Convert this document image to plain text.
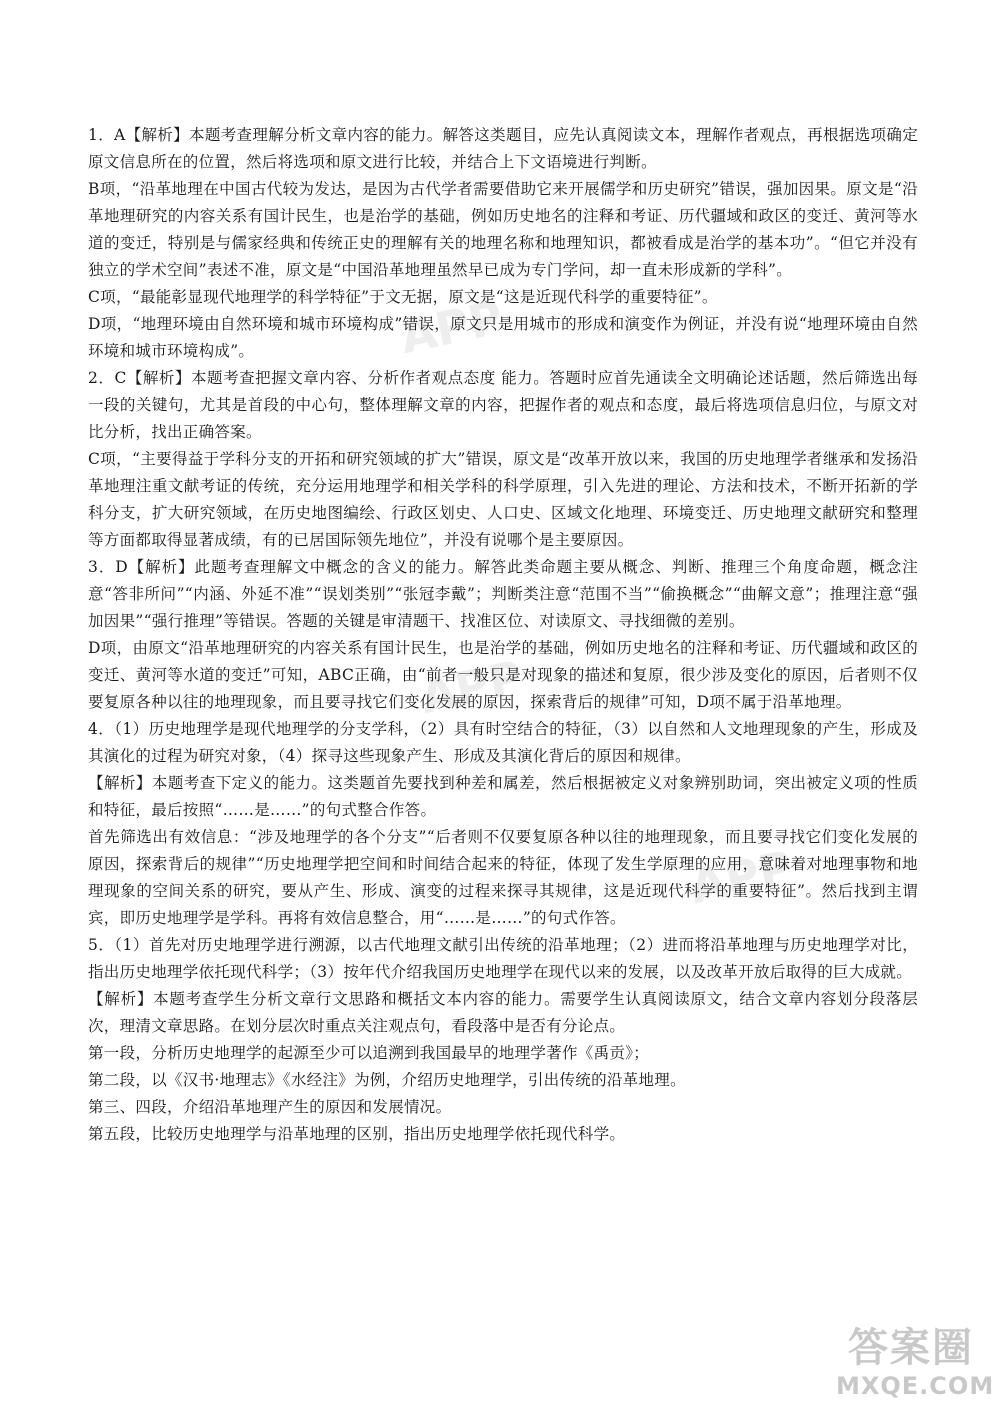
APP
APP
APP

1．A【解析】本题考查理解分析文章内容的能力。解答这类题目，应先认真阅读文本，理解作者观点，再根据选项确定原文信息所在的位置，然后将选项和原文进行比较，并结合上下文语境进行判断。

B项，“沿革地理在中国古代较为发达，是因为古代学者需要借助它来开展儒学和历史研究”错误，强加因果。原文是“沿革地理研究的内容关系有国计民生，也是治学的基础，例如历史地名的注释和考证、历代疆域和政区的变迁、黄河等水道的变迁，特别是与儒家经典和传统正史的理解有关的地理名称和地理知识，都被看成是治学的基本功”。“但它并没有独立的学术空间”表述不准，原文是“中国沿革地理虽然早已成为专门学问，却一直未形成新的学科”。

C项，“最能彰显现代地理学的科学特征”于文无据，原文是“这是近现代科学的重要特征”。

D项，“地理环境由自然环境和城市环境构成”错误，原文只是用城市的形成和演变作为例证，并没有说“地理环境由自然环境和城市环境构成”。

2．C【解析】本题考查把握文章内容、分析作者观点态度 能力。答题时应首先通读全文明确论述话题，然后筛选出每一段的关键句，尤其是首段的中心句，整体理解文章的内容，把握作者的观点和态度，最后将选项信息归位，与原文对比分析，找出正确答案。

C项，“主要得益于学科分支的开拓和研究领域的扩大”错误，原文是“改革开放以来，我国的历史地理学者继承和发扬沿革地理注重文献考证的传统，充分运用地理学和相关学科的科学原理，引入先进的理论、方法和技术，不断开拓新的学科分支，扩大研究领域，在历史地图编绘、行政区划史、人口史、区域文化地理、环境变迁、历史地理文献研究和整理等方面都取得显著成绩，有的已居国际领先地位”，并没有说哪个是主要原因。

3．D【解析】此题考查理解文中概念的含义的能力。解答此类命题主要从概念、判断、推理三个角度命题，概念注意“答非所问”“内涵、外延不准”“误划类别”“张冠李戴”；判断类注意“范围不当”“偷换概念”“曲解文意”；推理注意“强加因果”“强行推理”等错误。答题的关键是审清题干、找准区位、对读原文、寻找细微的差别。

D项，由原文“沿革地理研究的内容关系有国计民生，也是治学的基础，例如历史地名的注释和考证、历代疆域和政区的变迁、黄河等水道的变迁”可知，ABC正确，由“前者一般只是对现象的描述和复原，很少涉及变化的原因，后者则不仅要复原各种以往的地理现象，而且要寻找它们变化发展的原因，探索背后的规律”可知，D项不属于沿革地理。

4．（1）历史地理学是现代地理学的分支学科，（2）具有时空结合的特征，（3）以自然和人文地理现象的产生，形成及其演化的过程为研究对象，（4）探寻这些现象产生、形成及其演化背后的原因和规律。

【解析】本题考查下定义的能力。这类题首先要找到种差和属差，然后根据被定义对象辨别助词，突出被定义项的性质和特征，最后按照“……是……”的句式整合作答。

首先筛选出有效信息：“涉及地理学的各个分支”“后者则不仅要复原各种以往的地理现象，而且要寻找它们变化发展的原因，探索背后的规律”“历史地理学把空间和时间结合起来的特征，体现了发生学原理的应用，意味着对地理事物和地理现象的空间关系的研究，要从产生、形成、演变的过程来探寻其规律，这是近现代科学的重要特征”。然后找到主谓宾，即历史地理学是学科。再将有效信息整合，用“……是……”的句式作答。

5．（1）首先对历史地理学进行溯源，以古代地理文献引出传统的沿革地理；（2）进而将沿革地理与历史地理学对比，指出历史地理学依托现代科学；（3）按年代介绍我国历史地理学在现代以来的发展，以及改革开放后取得的巨大成就。

【解析】本题考查学生分析文章行文思路和概括文本内容的能力。需要学生认真阅读原文，结合文章内容划分段落层次，理清文章思路。在划分层次时重点关注观点句，看段落中是否有分论点。

第一段，分析历史地理学的起源至少可以追溯到我国最早的地理学著作《禹贡》；

第二段，以《汉书·地理志》《水经注》为例，介绍历史地理学，引出传统的沿革地理。

第三、四段，介绍沿革地理产生的原因和发展情况。

第五段，比较历史地理学与沿革地理的区别，指出历史地理学依托现代科学。

答案圈
MXQE.COM
